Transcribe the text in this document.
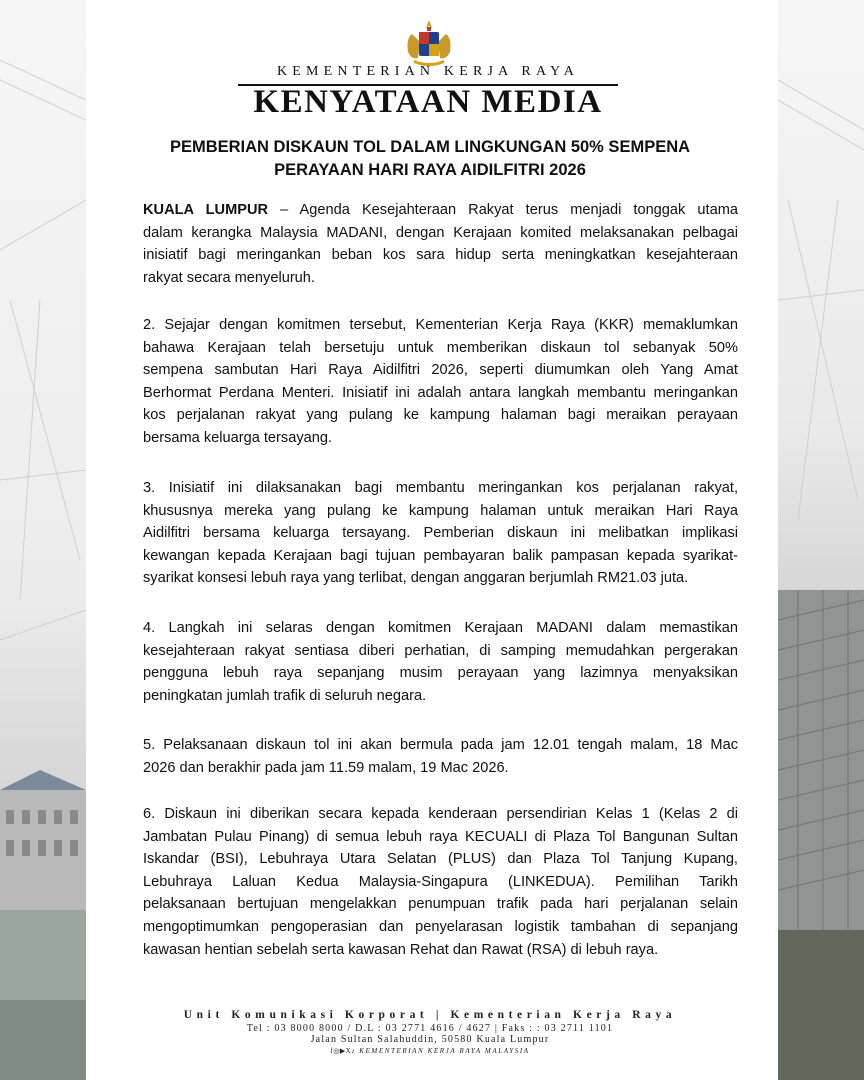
KEMENTERIAN KERJA RAYA
KENYATAAN MEDIA
PEMBERIAN DISKAUN TOL DALAM LINGKUNGAN 50% SEMPENA
PERAYAAN HARI RAYA AIDILFITRI 2026
KUALA LUMPUR – Agenda Kesejahteraan Rakyat terus menjadi tonggak utama
dalam kerangka Malaysia MADANI, dengan Kerajaan komited melaksanakan pelbagai
inisiatif bagi meringankan beban kos sara hidup serta meningkatkan kesejahteraan
rakyat secara menyeluruh.
2. Sejajar dengan komitmen tersebut, Kementerian Kerja Raya (KKR) memaklumkan
bahawa Kerajaan telah bersetuju untuk memberikan diskaun tol sebanyak 50%
sempena sambutan Hari Raya Aidilfitri 2026, seperti diumumkan oleh Yang Amat
Berhormat Perdana Menteri. Inisiatif ini adalah antara langkah membantu meringankan
kos perjalanan rakyat yang pulang ke kampung halaman bagi meraikan perayaan
bersama keluarga tersayang.
3. Inisiatif ini dilaksanakan bagi membantu meringankan kos perjalanan rakyat,
khususnya mereka yang pulang ke kampung halaman untuk meraikan Hari Raya
Aidilfitri bersama keluarga tersayang. Pemberian diskaun ini melibatkan implikasi
kewangan kepada Kerajaan bagi tujuan pembayaran balik pampasan kepada syarikat-
syarikat konsesi lebuh raya yang terlibat, dengan anggaran berjumlah RM21.03 juta.
4. Langkah ini selaras dengan komitmen Kerajaan MADANI dalam memastikan
kesejahteraan rakyat sentiasa diberi perhatian, di samping memudahkan pergerakan
pengguna lebuh raya sepanjang musim perayaan yang lazimnya menyaksikan
peningkatan jumlah trafik di seluruh negara.
5. Pelaksanaan diskaun tol ini akan bermula pada jam 12.01 tengah malam, 18 Mac
2026 dan berakhir pada jam 11.59 malam, 19 Mac 2026.
6. Diskaun ini diberikan secara kepada kenderaan persendirian Kelas 1 (Kelas 2 di
Jambatan Pulau Pinang) di semua lebuh raya KECUALI di Plaza Tol Bangunan Sultan
Iskandar (BSI), Lebuhraya Utara Selatan (PLUS) dan Plaza Tol Tanjung Kupang,
Lebuhraya Laluan Kedua Malaysia-Singapura (LINKEDUA). Pemilihan Tarikh
pelaksanaan bertujuan mengelakkan penumpuan trafik pada hari perjalanan selain
mengoptimumkan pengoperasian dan penyelarasan logistik tambahan di sepanjang
kawasan hentian sebelah serta kawasan Rehat dan Rawat (RSA) di lebuh raya.
Unit Komunikasi Korporat | Kementerian Kerja Raya
Tel : 03 8000 8000 / D.L : 03 2771 4616 / 4627 | Faks : : 03 2711 1101
Jalan Sultan Salahuddin, 50580 Kuala Lumpur
f◎▶X♪ KEMENTERIAN KERJA RAYA MALAYSIA
